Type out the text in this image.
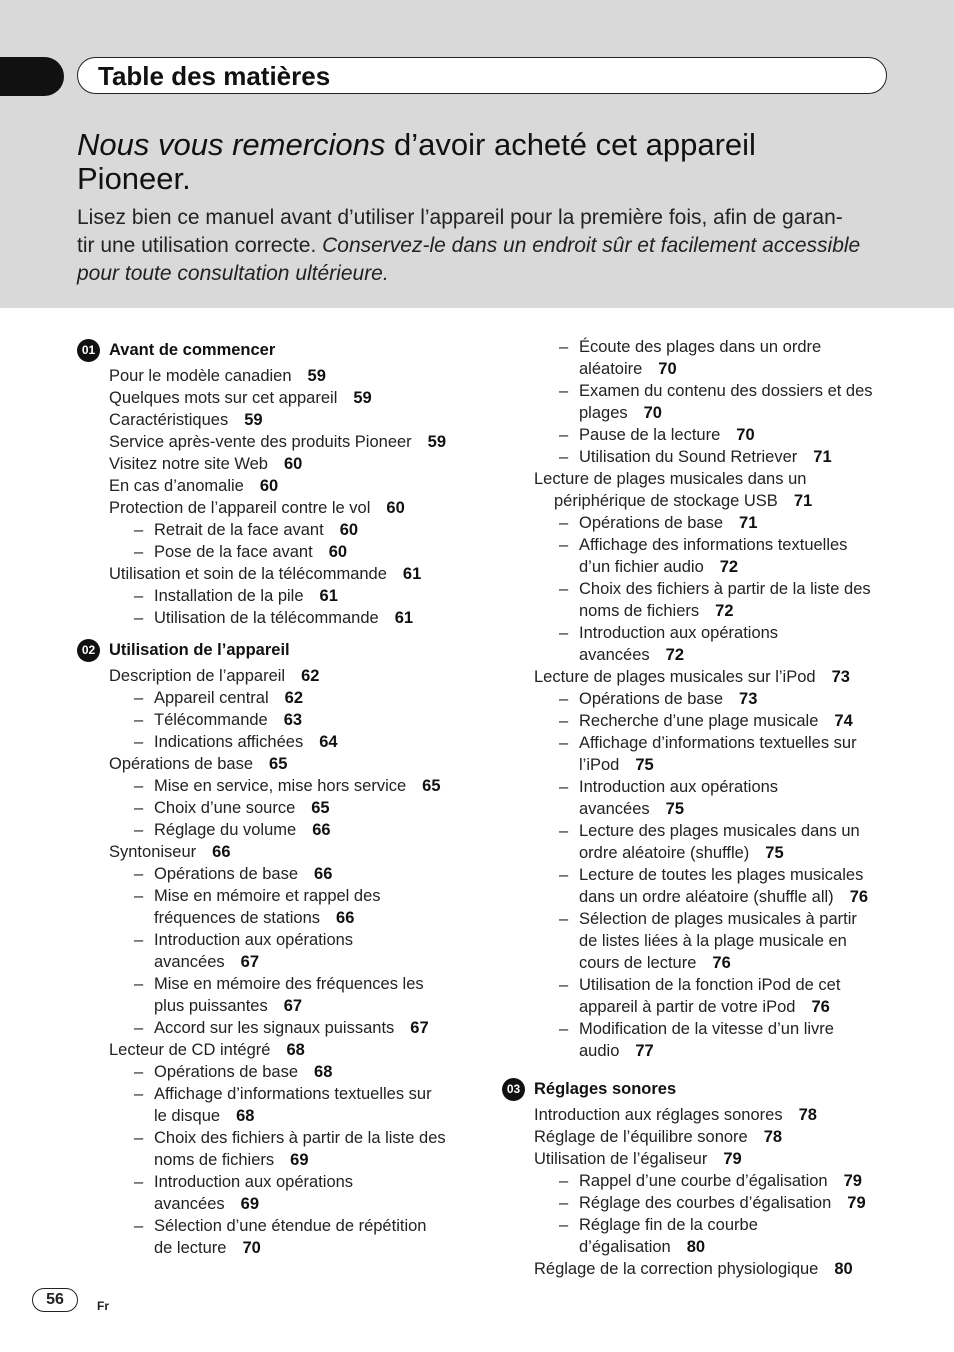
Table des matières
Nous vous remercions d’avoir acheté cet appareil
Pioneer.
Lisez bien ce manuel avant d’utiliser l’appareil pour la première fois, afin de garan-
tir une utilisation correcte. Conservez-le dans un endroit sûr et facilement accessible
pour toute consultation ultérieure.
01 Avant de commencer
Pour le modèle canadien 59
Quelques mots sur cet appareil 59
Caractéristiques 59
Service après-vente des produits Pioneer 59
Visitez notre site Web 60
En cas d’anomalie 60
Protection de l’appareil contre le vol 60
– Retrait de la face avant 60
– Pose de la face avant 60
Utilisation et soin de la télécommande 61
– Installation de la pile 61
– Utilisation de la télécommande 61
02 Utilisation de l’appareil
Description de l’appareil 62
– Appareil central 62
– Télécommande 63
– Indications affichées 64
Opérations de base 65
– Mise en service, mise hors service 65
– Choix d’une source 65
– Réglage du volume 66
Syntoniseur 66
– Opérations de base 66
– Mise en mémoire et rappel des
fréquences de stations 66
– Introduction aux opérations
avancées 67
– Mise en mémoire des fréquences les
plus puissantes 67
– Accord sur les signaux puissants 67
Lecteur de CD intégré 68
– Opérations de base 68
– Affichage d’informations textuelles sur
le disque 68
– Choix des fichiers à partir de la liste des
noms de fichiers 69
– Introduction aux opérations
avancées 69
– Sélection d’une étendue de répétition
de lecture 70
– Écoute des plages dans un ordre
aléatoire 70
– Examen du contenu des dossiers et des
plages 70
– Pause de la lecture 70
– Utilisation du Sound Retriever 71
Lecture de plages musicales dans un
périphérique de stockage USB 71
– Opérations de base 71
– Affichage des informations textuelles
d’un fichier audio 72
– Choix des fichiers à partir de la liste des
noms de fichiers 72
– Introduction aux opérations
avancées 72
Lecture de plages musicales sur l’iPod 73
– Opérations de base 73
– Recherche d’une plage musicale 74
– Affichage d’informations textuelles sur
l’iPod 75
– Introduction aux opérations
avancées 75
– Lecture des plages musicales dans un
ordre aléatoire (shuffle) 75
– Lecture de toutes les plages musicales
dans un ordre aléatoire (shuffle all) 76
– Sélection de plages musicales à partir
de listes liées à la plage musicale en
cours de lecture 76
– Utilisation de la fonction iPod de cet
appareil à partir de votre iPod 76
– Modification de la vitesse d’un livre
audio 77
03 Réglages sonores
Introduction aux réglages sonores 78
Réglage de l’équilibre sonore 78
Utilisation de l’égaliseur 79
– Rappel d’une courbe d’égalisation 79
– Réglage des courbes d’égalisation 79
– Réglage fin de la courbe
d’égalisation 80
Réglage de la correction physiologique 80
56	Fr
